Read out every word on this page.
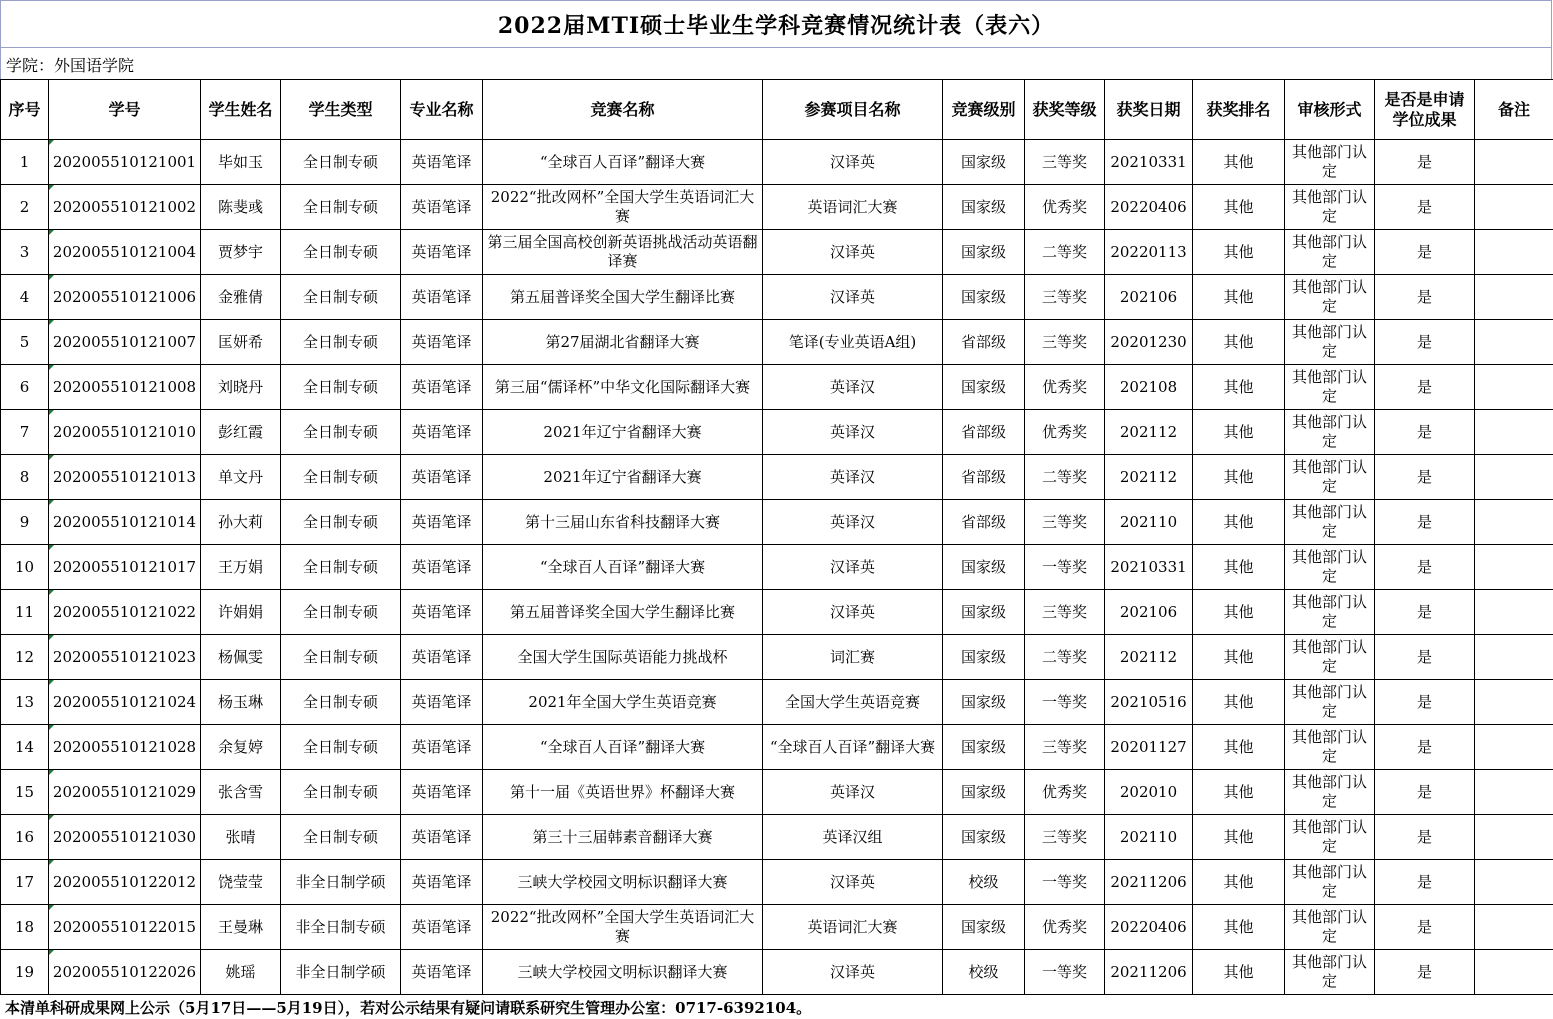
2022届MTI硕士毕业生学科竞赛情况统计表（表六）
学院：外国语学院
序号	学号	学生姓名	学生类型	专业名称	竞赛名称	参赛项目名称	竞赛级别	获奖等级	获奖日期	获奖排名	审核形式	是否是申请学位成果	备注
1	202005510121001	毕如玉	全日制专硕	英语笔译	“全球百人百译”翻译大赛	汉译英	国家级	三等奖	20210331	其他	其他部门认定	是	
2	202005510121002	陈斐彧	全日制专硕	英语笔译	2022“批改网杯”全国大学生英语词汇大赛	英语词汇大赛	国家级	优秀奖	20220406	其他	其他部门认定	是	
3	202005510121004	贾梦宇	全日制专硕	英语笔译	第三届全国高校创新英语挑战活动英语翻译赛	汉译英	国家级	二等奖	20220113	其他	其他部门认定	是	
4	202005510121006	金雅倩	全日制专硕	英语笔译	第五届普译奖全国大学生翻译比赛	汉译英	国家级	三等奖	202106	其他	其他部门认定	是	
5	202005510121007	匡妍希	全日制专硕	英语笔译	第27届湖北省翻译大赛	笔译(专业英语A组)	省部级	三等奖	20201230	其他	其他部门认定	是	
6	202005510121008	刘晓丹	全日制专硕	英语笔译	第三届“儒译杯”中华文化国际翻译大赛	英译汉	国家级	优秀奖	202108	其他	其他部门认定	是	
7	202005510121010	彭红霞	全日制专硕	英语笔译	2021年辽宁省翻译大赛	英译汉	省部级	优秀奖	202112	其他	其他部门认定	是	
8	202005510121013	单文丹	全日制专硕	英语笔译	2021年辽宁省翻译大赛	英译汉	省部级	二等奖	202112	其他	其他部门认定	是	
9	202005510121014	孙大莉	全日制专硕	英语笔译	第十三届山东省科技翻译大赛	英译汉	省部级	三等奖	202110	其他	其他部门认定	是	
10	202005510121017	王万娟	全日制专硕	英语笔译	“全球百人百译”翻译大赛	汉译英	国家级	一等奖	20210331	其他	其他部门认定	是	
11	202005510121022	许娟娟	全日制专硕	英语笔译	第五届普译奖全国大学生翻译比赛	汉译英	国家级	三等奖	202106	其他	其他部门认定	是	
12	202005510121023	杨佩雯	全日制专硕	英语笔译	全国大学生国际英语能力挑战杯	词汇赛	国家级	二等奖	202112	其他	其他部门认定	是	
13	202005510121024	杨玉琳	全日制专硕	英语笔译	2021年全国大学生英语竞赛	全国大学生英语竞赛	国家级	一等奖	20210516	其他	其他部门认定	是	
14	202005510121028	余复婷	全日制专硕	英语笔译	“全球百人百译”翻译大赛	“全球百人百译”翻译大赛	国家级	三等奖	20201127	其他	其他部门认定	是	
15	202005510121029	张含雪	全日制专硕	英语笔译	第十一届《英语世界》杯翻译大赛	英译汉	国家级	优秀奖	202010	其他	其他部门认定	是	
16	202005510121030	张晴	全日制专硕	英语笔译	第三十三届韩素音翻译大赛	英译汉组	国家级	三等奖	202110	其他	其他部门认定	是	
17	202005510122012	饶莹莹	非全日制学硕	英语笔译	三峡大学校园文明标识翻译大赛	汉译英	校级	一等奖	20211206	其他	其他部门认定	是	
18	202005510122015	王曼琳	非全日制专硕	英语笔译	2022“批改网杯”全国大学生英语词汇大赛	英语词汇大赛	国家级	优秀奖	20220406	其他	其他部门认定	是	
19	202005510122026	姚瑶	非全日制学硕	英语笔译	三峡大学校园文明标识翻译大赛	汉译英	校级	一等奖	20211206	其他	其他部门认定	是	
本清单科研成果网上公示（5月17日——5月19日），若对公示结果有疑问请联系研究生管理办公室：0717-6392104。
